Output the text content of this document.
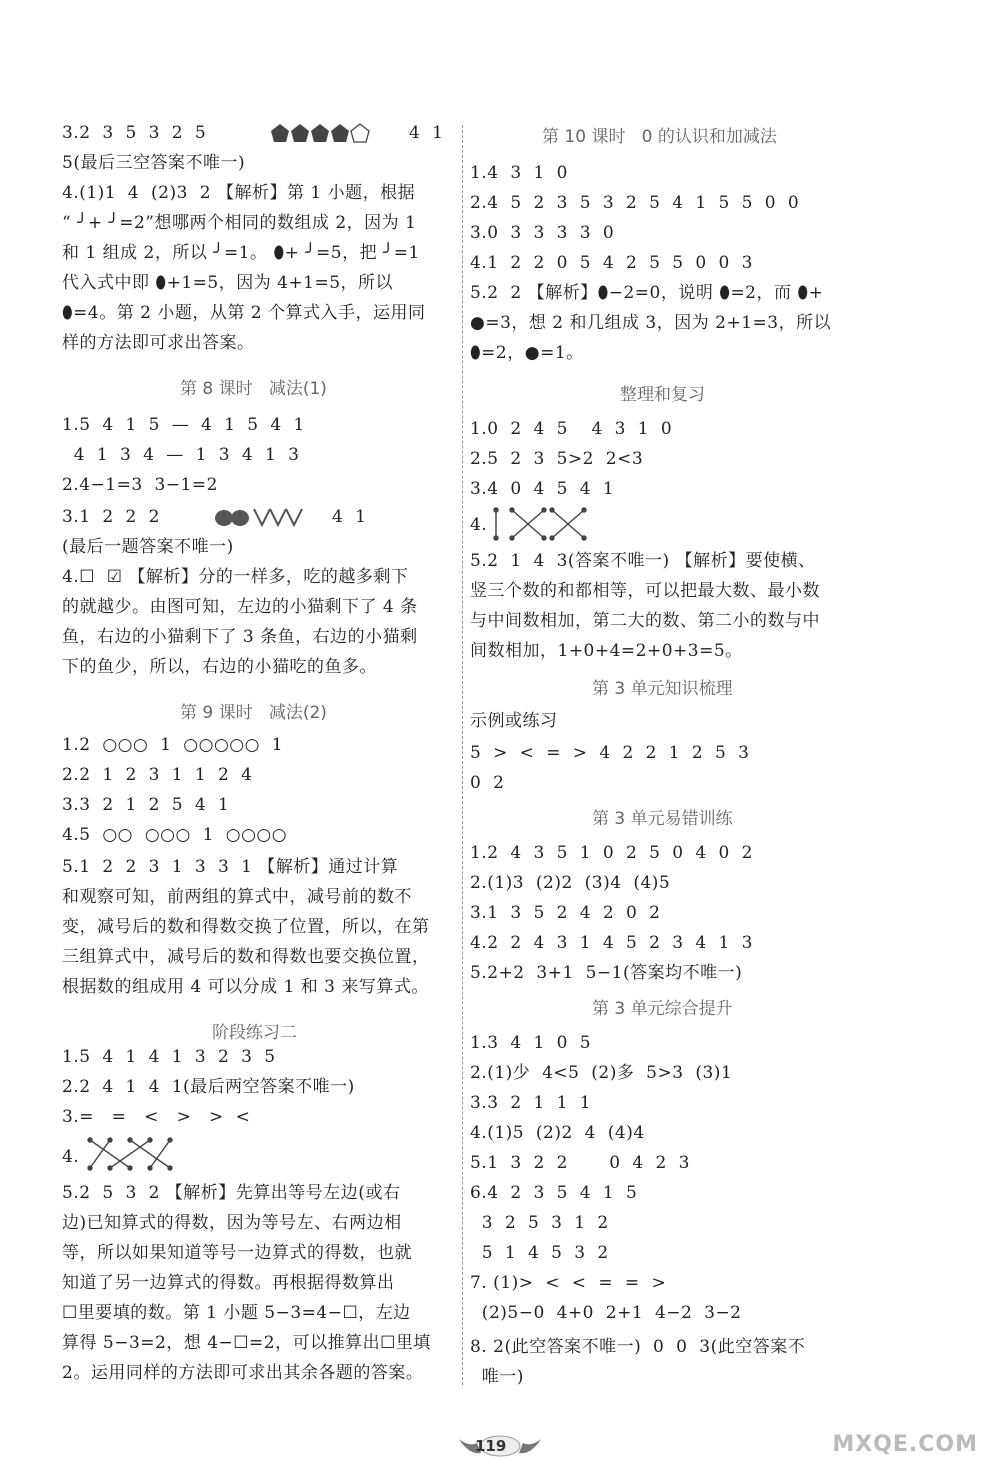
3.2  3  5  3  2  5	4  1
5(最后三空答案不唯一)
4.(1)1  4  (2)3  2 【解析】第 1 小题，根据
“ ╯+ ╯=2”想哪两个相同的数组成 2，因为 1
和 1 组成 2，所以 ╯=1。 ⬮+ ╯=5，把 ╯=1
代入式中即 ⬮+1=5，因为 4+1=5，所以
⬮=4。第 2 小题，从第 2 个算式入手，运用同
样的方法即可求出答案。
第 8 课时   减法(1)
1.5  4  1  5  —  4  1  5  4  1
4  1  3  4  —  1  3  4  1  3
2.4−1=3  3−1=2
3.1  2  2  2	4  1
(最后一题答案不唯一)
4.☐  ☑ 【解析】分的一样多，吃的越多剩下
的就越少。由图可知，左边的小猫剩下了 4 条
鱼，右边的小猫剩下了 3 条鱼，右边的小猫剩
下的鱼少，所以，右边的小猫吃的鱼多。
第 9 课时   减法(2)
1.2  ○○○  1  ○○○○○  1
2.2  1  2  3  1  1  2  4
3.3  2  1  2  5  4  1
4.5  ○○  ○○○  1  ○○○○
5.1  2  2  3  1  3  3  1 【解析】通过计算
和观察可知，前两组的算式中，减号前的数不
变，减号后的数和得数交换了位置，所以，在第
三组算式中，减号后的数和得数也要交换位置，
根据数的组成用 4 可以分成 1 和 3 来写算式。
阶段练习二
1.5  4  1  4  1  3  2  3  5
2.2  4  1  4  1(最后两空答案不唯一)
3.=   =   <   >   >  <
4.
5.2  5  3  2 【解析】先算出等号左边(或右
边)已知算式的得数，因为等号左、右两边相
等，所以如果知道等号一边算式的得数，也就
知道了另一边算式的得数。再根据得数算出
☐里要填的数。第 1 小题 5−3=4−☐，左边
算得 5−3=2，想 4−☐=2，可以推算出☐里填
2。运用同样的方法即可求出其余各题的答案。
第 10 课时   0 的认识和加减法
1.4  3  1  0
2.4  5  2  3  5  3  2  5  4  1  5  5  0  0
3.0  3  3  3  3  0
4.1  2  2  0  5  4  2  5  5  0  0  3
5.2  2 【解析】⬮−2=0，说明 ⬮=2，而 ⬮+
●=3，想 2 和几组成 3，因为 2+1=3，所以
⬮=2，●=1。
整理和复习
1.0  2  4  5    4  3  1  0
2.5  2  3  5>2  2<3
3.4  0  4  5  4  1
4.
5.2  1  4  3(答案不唯一) 【解析】要使横、
竖三个数的和都相等，可以把最大数、最小数
与中间数相加，第二大的数、第二小的数与中
间数相加，1+0+4=2+0+3=5。
第 3 单元知识梳理
示例或练习
5  >  <  =  >  4  2  2  1  2  5  3
0  2
第 3 单元易错训练
1.2  4  3  5  1  0  2  5  0  4  0  2
2.(1)3  (2)2  (3)4  (4)5
3.1  3  5  2  4  2  0  2
4.2  2  4  3  1  4  5  2  3  4  1  3
5.2+2  3+1  5−1(答案均不唯一)
第 3 单元综合提升
1.3  4  1  0  5
2.(1)少  4<5  (2)多  5>3  (3)1
3.3  2  1  1  1
4.(1)5  (2)2  4  (4)4
5.1  3  2  2       0  4  2  3
6.4  2  3  5  4  1  5
3  2  5  3  1  2
5  1  4  5  3  2
7. (1)>  <  <  =  =  >
(2)5−0  4+0  2+1  4−2  3−2
8. 2(此空答案不唯一)  0  0  3(此空答案不
唯一)
119	MXQE.COM
